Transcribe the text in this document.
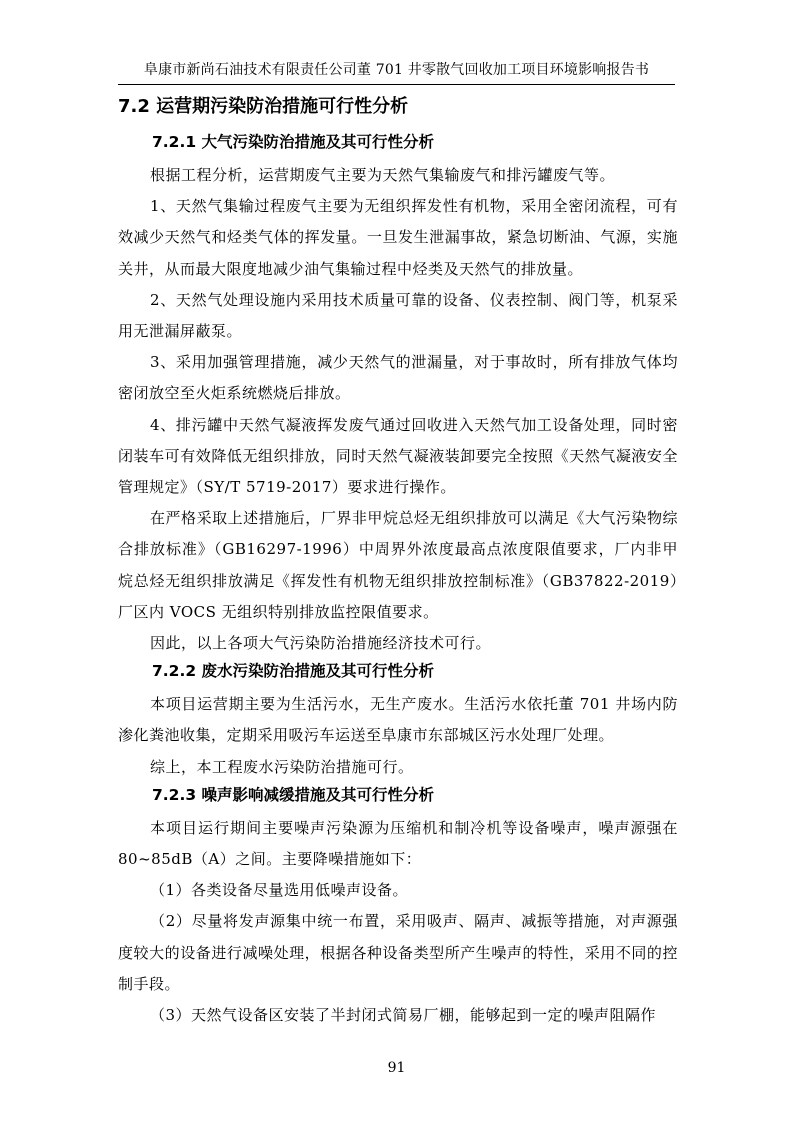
阜康市新尚石油技术有限责任公司董 701 井零散气回收加工项目环境影响报告书
7.2 运营期污染防治措施可行性分析
7.2.1 大气污染防治措施及其可行性分析

根据工程分析，运营期废气主要为天然气集输废气和排污罐废气等。

1、天然气集输过程废气主要为无组织挥发性有机物，采用全密闭流程，可有效减少天然气和烃类气体的挥发量。一旦发生泄漏事故，紧急切断油、气源，实施关井，从而最大限度地减少油气集输过程中烃类及天然气的排放量。

2、天然气处理设施内采用技术质量可靠的设备、仪表控制、阀门等，机泵采用无泄漏屏蔽泵。

3、采用加强管理措施，减少天然气的泄漏量，对于事故时，所有排放气体均密闭放空至火炬系统燃烧后排放。

4、排污罐中天然气凝液挥发废气通过回收进入天然气加工设备处理，同时密闭装车可有效降低无组织排放，同时天然气凝液装卸要完全按照《天然气凝液安全管理规定》（SY/T 5719-2017）要求进行操作。

在严格采取上述措施后，厂界非甲烷总烃无组织排放可以满足《大气污染物综合排放标准》（GB16297-1996）中周界外浓度最高点浓度限值要求，厂内非甲烷总烃无组织排放满足《挥发性有机物无组织排放控制标准》（GB37822-2019）厂区内 VOCS 无组织特别排放监控限值要求。

因此，以上各项大气污染防治措施经济技术可行。

7.2.2 废水污染防治措施及其可行性分析

本项目运营期主要为生活污水，无生产废水。生活污水依托董 701 井场内防渗化粪池收集，定期采用吸污车运送至阜康市东部城区污水处理厂处理。

综上，本工程废水污染防治措施可行。

7.2.3 噪声影响减缓措施及其可行性分析

本项目运行期间主要噪声污染源为压缩机和制冷机等设备噪声，噪声源强在 80~85dB（A）之间。主要降噪措施如下：

（1）各类设备尽量选用低噪声设备。

（2）尽量将发声源集中统一布置，采用吸声、隔声、减振等措施，对声源强度较大的设备进行减噪处理，根据各种设备类型所产生噪声的特性，采用不同的控制手段。

（3）天然气设备区安装了半封闭式简易厂棚，能够起到一定的噪声阻隔作

91
